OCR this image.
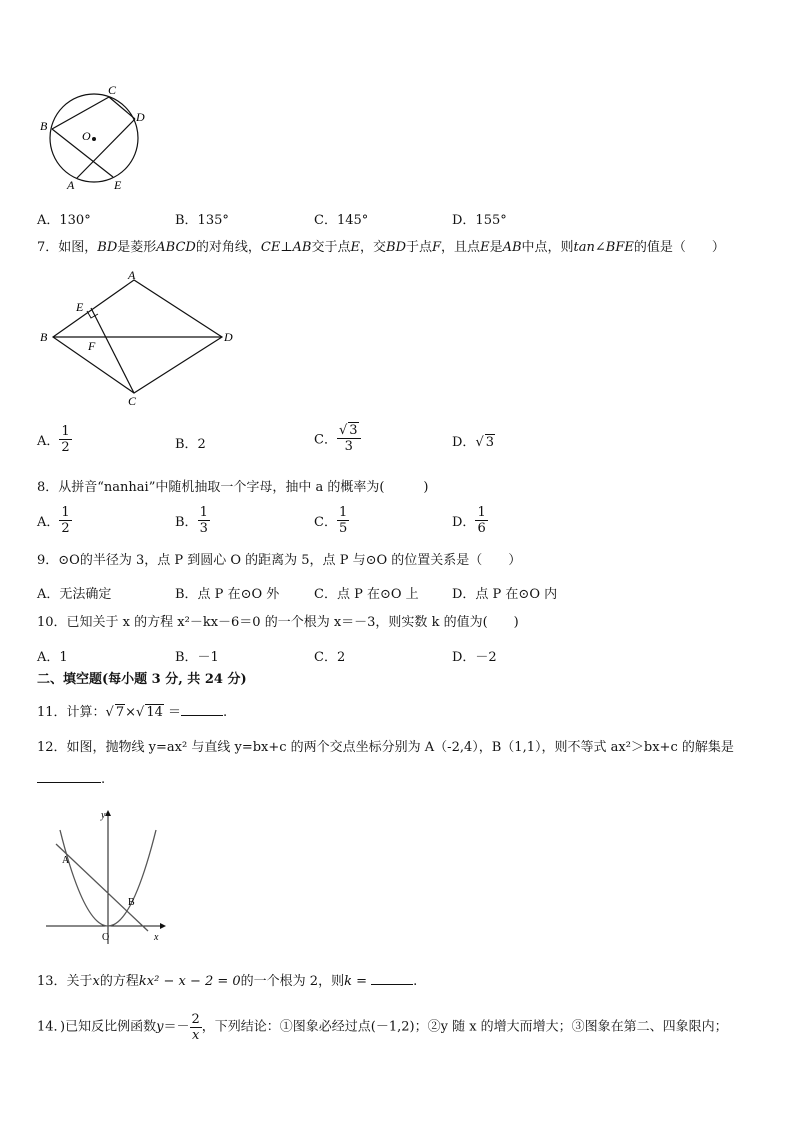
B
C
D
O
A	E
A．130°	B．135°	C．145°	D．155°
7．如图，BD是菱形ABCD的对角线，CE⊥AB交于点E，交BD于点F，且点E是AB中点，则tan∠BFE的值是（　　）
A
E
B
F
D
C
A． $\frac{1}{2}$	B．2	C． $\frac{√ 3}{3}$	D．√ 3
8．从拼音“nanhai”中随机抽取一个字母，抽中 a 的概率为(　　　)
A． $\frac{1}{2}$	B． $\frac{1}{3}$	C． $\frac{1}{5}$	D． $\frac{1}{6}$
9．⊙O的半径为 3，点 P 到圆心 O 的距离为 5，点 P 与⊙O 的位置关系是（　　）
A．无法确定	B．点 P 在⊙O 外	C．点 P 在⊙O 上	D．点 P 在⊙O 内
10．已知关于 x 的方程 x²－kx－6＝0 的一个根为 x＝－3，则实数 k 的值为(　　)
A．1	B．－1	C．2	D．－2
二、填空题(每小题 3 分, 共 24 分)
11．计算：√ 7×√ 14 ＝	.
12．如图，抛物线 y=ax² 与直线 y=bx+c 的两个交点坐标分别为 A（-2,4），B（1,1），则不等式 ax²＞bx+c 的解集是
.
y
x
O
A
B
13．关于x的方程kx² − x − 2 = 0的一个根为 2，则k =	.
14．)已知反比例函数$y=- \frac{2}{x}$ ，下列结论：①图象必经过点(－1,2)；②y 随 x 的增大而增大；③图象在第二、四象限内；
